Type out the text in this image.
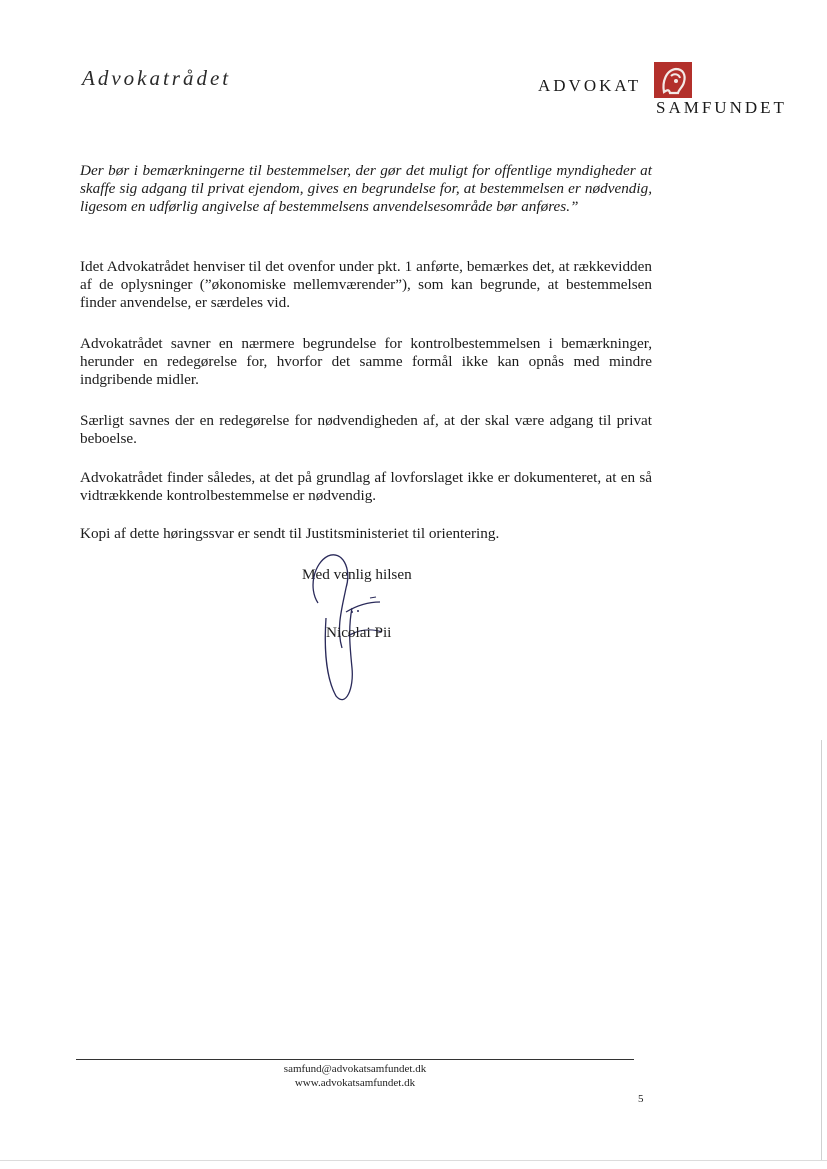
Advokatrådet	ADVOKAT
SAMFUNDET
Der bør i bemærkningerne til bestemmelser, der gør det muligt for offentlige myndigheder at skaffe sig adgang til privat ejendom, gives en begrundelse for, at bestemmelsen er nødvendig, ligesom en udførlig angivelse af bestemmelsens anvendelsesområde bør anføres.”
Idet Advokatrådet henviser til det ovenfor under pkt. 1 anførte, bemærkes det, at rækkevidden af de oplysninger (”økonomiske mellemværender”), som kan begrunde, at bestemmelsen finder anvendelse, er særdeles vid.
Advokatrådet savner en nærmere begrundelse for kontrolbestemmelsen i bemærkninger, herunder en redegørelse for, hvorfor det samme formål ikke kan opnås med mindre indgribende midler.
Særligt savnes der en redegørelse for nødvendigheden af, at der skal være adgang til privat beboelse.
Advokatrådet finder således, at det på grundlag af lovforslaget ikke er dokumenteret, at en så vidtrækkende kontrolbestemmelse er nødvendig.
Kopi af dette høringssvar er sendt til Justitsministeriet til orientering.
Med venlig hilsen
Nicolai Pii
samfund@advokatsamfundet.dk
www.advokatsamfundet.dk
5
